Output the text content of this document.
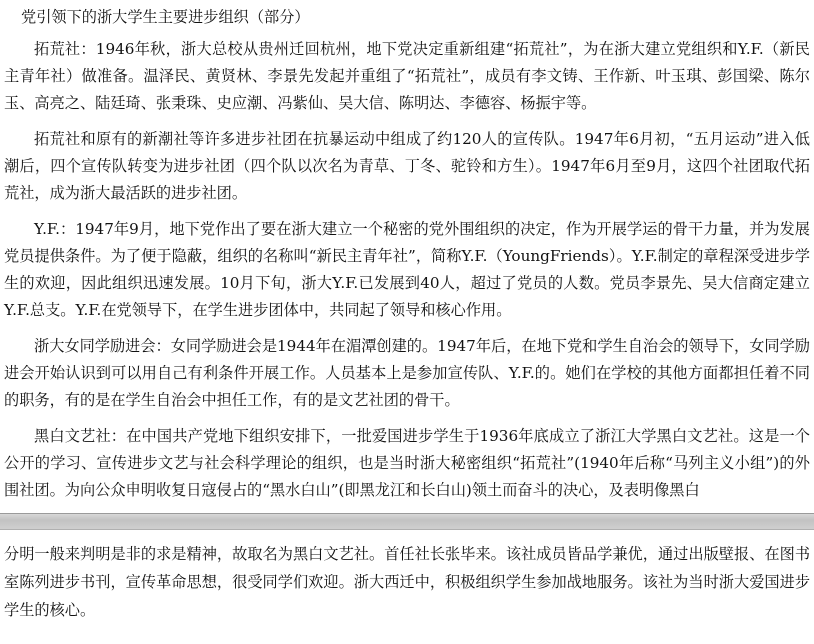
党引领下的浙大学生主要进步组织（部分）

拓荒社：1946年秋，浙大总校从贵州迁回杭州，地下党决定重新组建“拓荒社”，为在浙大建立党组织和Y.F.（新民主青年社）做准备。温泽民、黄贤林、李景先发起并重组了“拓荒社”，成员有李文铸、王作新、叶玉琪、彭国梁、陈尔玉、高亮之、陆廷琦、张秉珠、史应潮、冯紫仙、吴大信、陈明达、李德容、杨振宇等。

拓荒社和原有的新潮社等许多进步社团在抗暴运动中组成了约120人的宣传队。1947年6月初，“五月运动”进入低潮后，四个宣传队转变为进步社团（四个队以次名为青草、丁冬、驼铃和方生）。1947年6月至9月，这四个社团取代拓荒社，成为浙大最活跃的进步社团。

Y.F.：1947年9月，地下党作出了要在浙大建立一个秘密的党外围组织的决定，作为开展学运的骨干力量，并为发展党员提供条件。为了便于隐蔽，组织的名称叫“新民主青年社”，简称Y.F.（YoungFriends）。Y.F.制定的章程深受进步学生的欢迎，因此组织迅速发展。10月下旬，浙大Y.F.已发展到40人，超过了党员的人数。党员李景先、吴大信商定建立Y.F.总支。Y.F.在党领导下，在学生进步团体中，共同起了领导和核心作用。

浙大女同学励进会：女同学励进会是1944年在湄潭创建的。1947年后，在地下党和学生自治会的领导下，女同学励进会开始认识到可以用自己有利条件开展工作。人员基本上是参加宣传队、Y.F.的。她们在学校的其他方面都担任着不同的职务，有的是在学生自治会中担任工作，有的是文艺社团的骨干。

黑白文艺社：在中国共产党地下组织安排下，一批爱国进步学生于1936年底成立了浙江大学黑白文艺社。这是一个公开的学习、宣传进步文艺与社会科学理论的组织，也是当时浙大秘密组织“拓荒社”(1940年后称“马列主义小组”)的外围社团。为向公众申明收复日寇侵占的“黑水白山”(即黑龙江和长白山)领土而奋斗的决心，及表明像黑白

分明一般来判明是非的求是精神，故取名为黑白文艺社。首任社长张毕来。该社成员皆品学兼优，通过出版壁报、在图书室陈列进步书刊，宣传革命思想，很受同学们欢迎。浙大西迁中，积极组织学生参加战地服务。该社为当时浙大爱国进步学生的核心。
